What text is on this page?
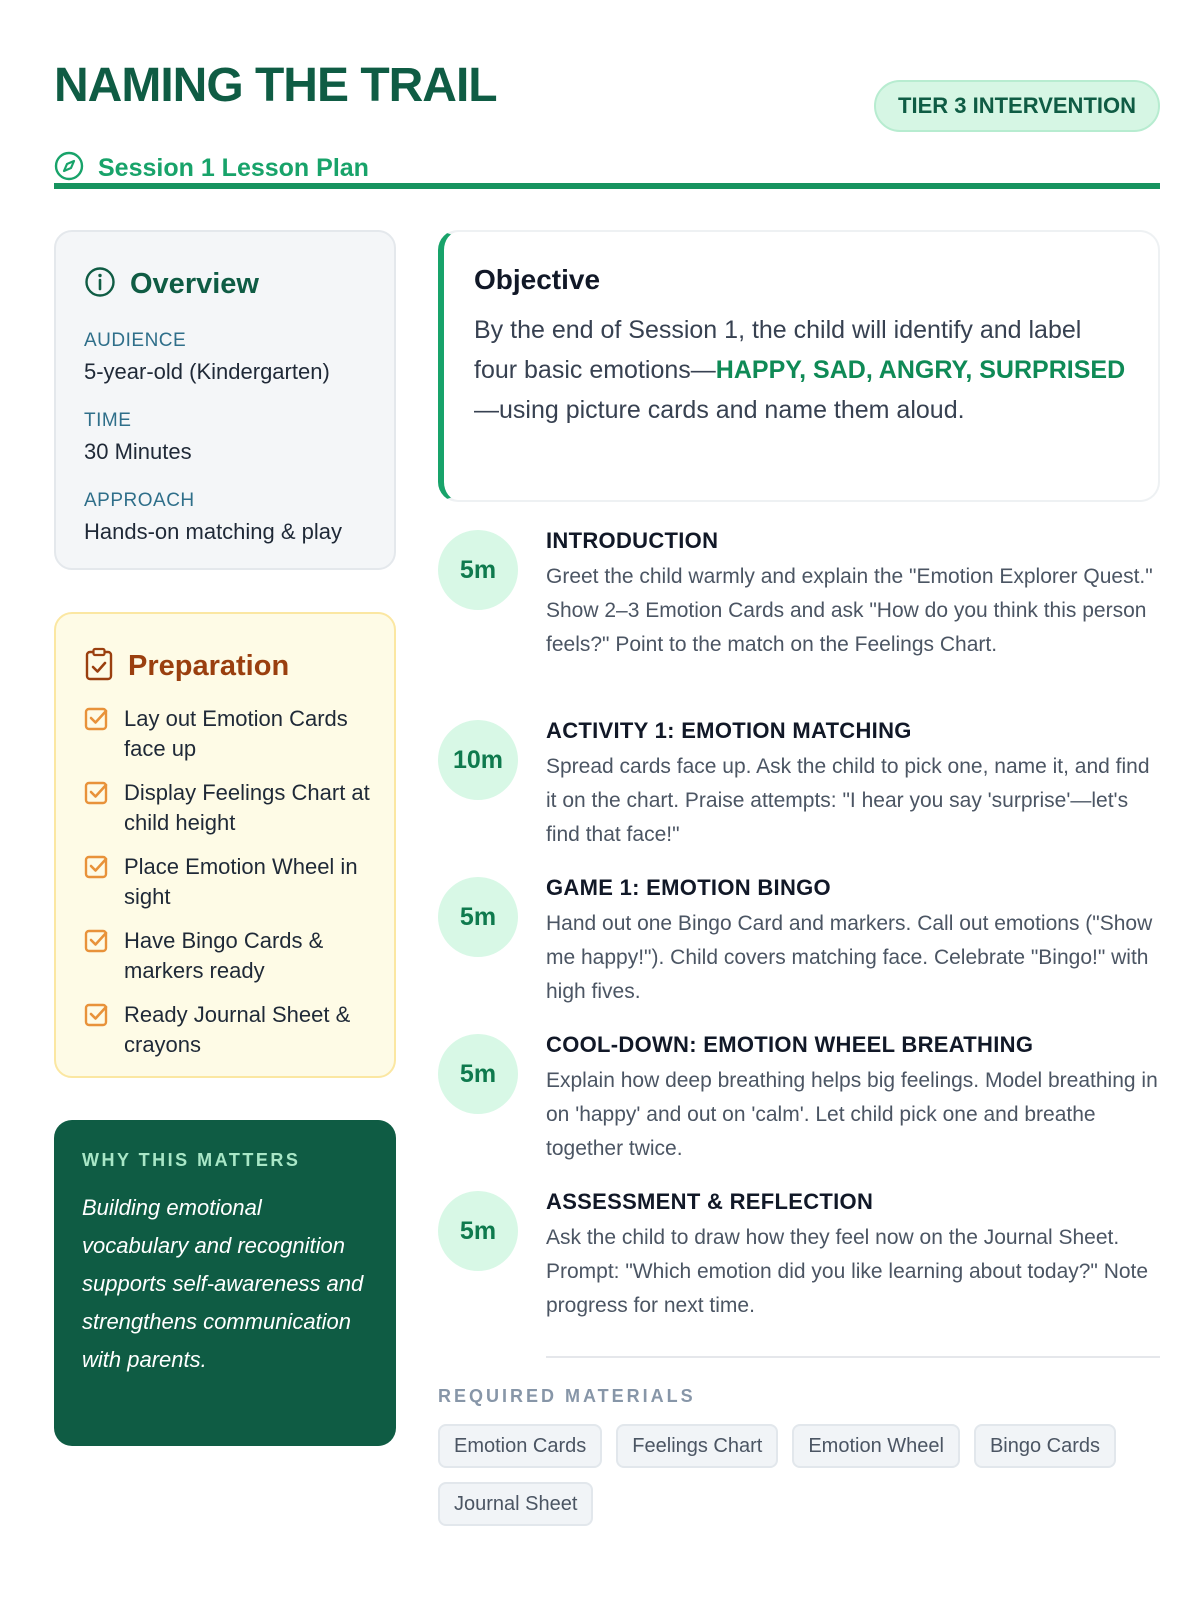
NAMING THE TRAIL
Session 1 Lesson Plan
TIER 3 INTERVENTION
Overview
AUDIENCE
5-year-old (Kindergarten)
TIME
30 Minutes
APPROACH
Hands-on matching & play
Preparation
Lay out Emotion Cards face up
Display Feelings Chart at child height
Place Emotion Wheel in sight
Have Bingo Cards & markers ready
Ready Journal Sheet & crayons
WHY THIS MATTERS
Building emotional vocabulary and recognition supports self-awareness and strengthens communication with parents.
Objective
By the end of Session 1, the child will identify and label four basic emotions—HAPPY, SAD, ANGRY, SURPRISED—using picture cards and name them aloud.
5m
INTRODUCTION
Greet the child warmly and explain the "Emotion Explorer Quest." Show 2–3 Emotion Cards and ask "How do you think this person feels?" Point to the match on the Feelings Chart.
10m
ACTIVITY 1: EMOTION MATCHING
Spread cards face up. Ask the child to pick one, name it, and find it on the chart. Praise attempts: "I hear you say 'surprise'—let's find that face!"
5m
GAME 1: EMOTION BINGO
Hand out one Bingo Card and markers. Call out emotions ("Show me happy!"). Child covers matching face. Celebrate "Bingo!" with high fives.
5m
COOL-DOWN: EMOTION WHEEL BREATHING
Explain how deep breathing helps big feelings. Model breathing in on 'happy' and out on 'calm'. Let child pick one and breathe together twice.
5m
ASSESSMENT & REFLECTION
Ask the child to draw how they feel now on the Journal Sheet. Prompt: "Which emotion did you like learning about today?" Note progress for next time.
REQUIRED MATERIALS
Emotion Cards	Feelings Chart	Emotion Wheel	Bingo Cards
Journal Sheet
